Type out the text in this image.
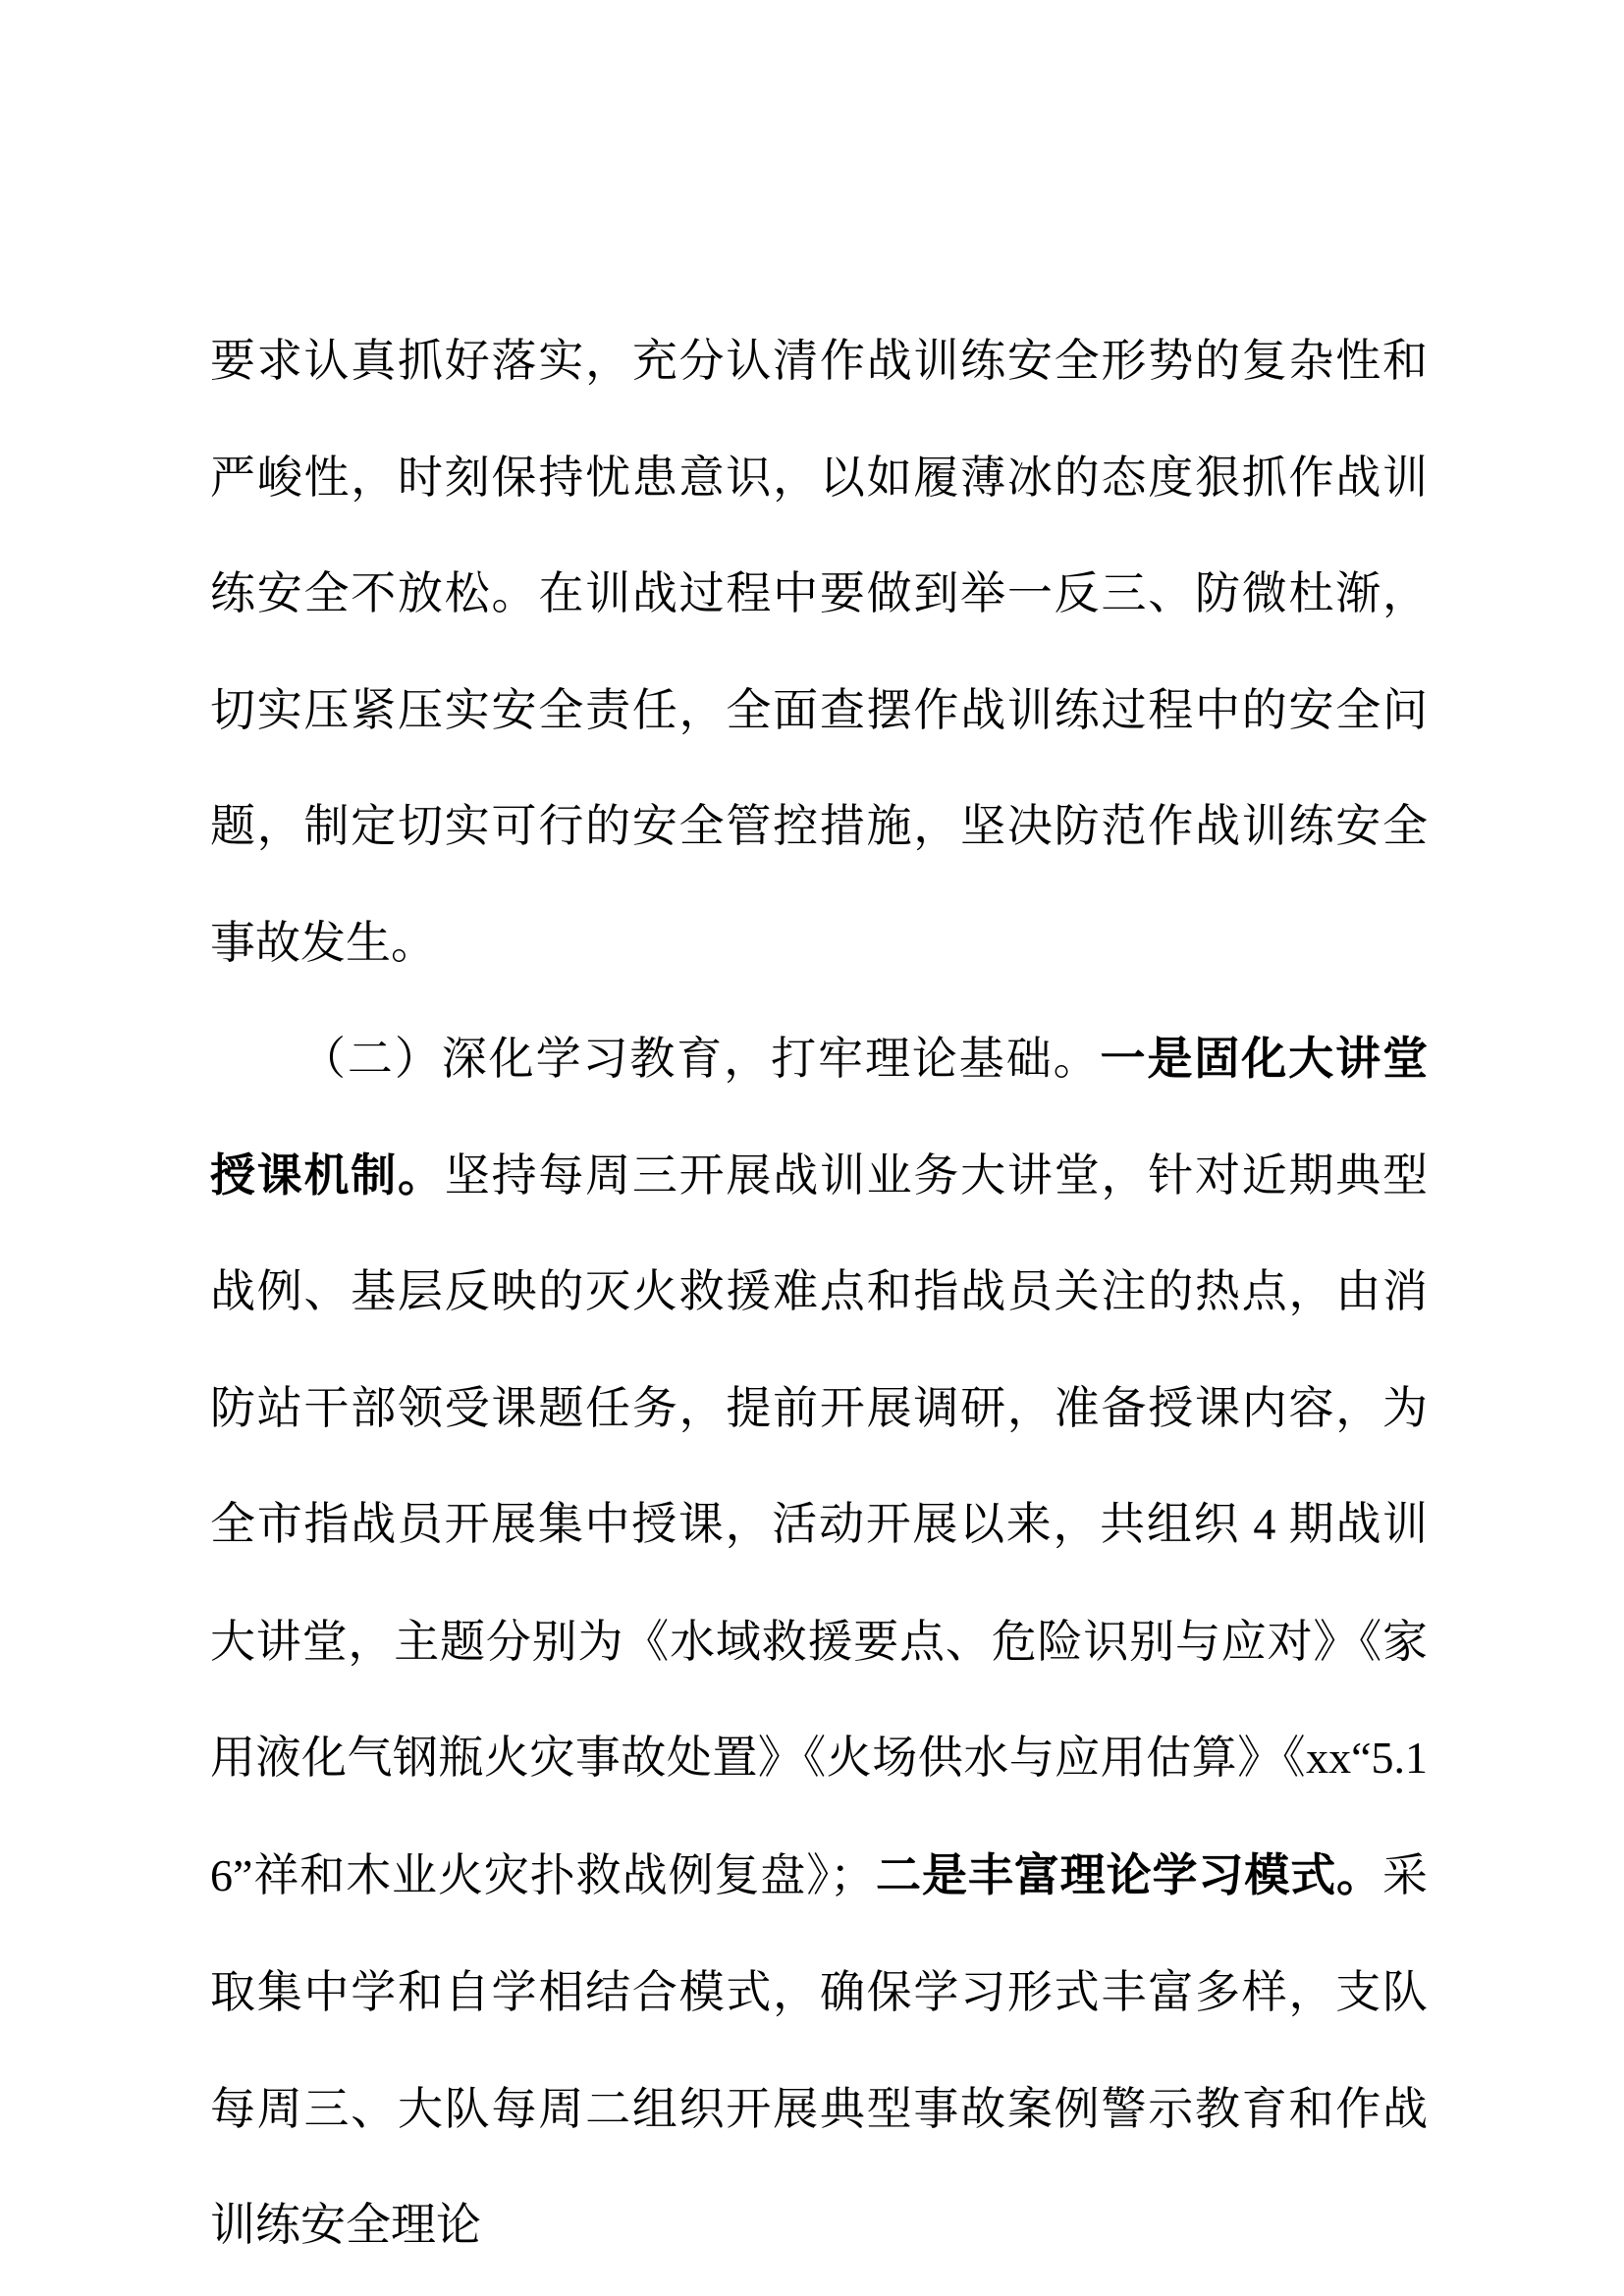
要求认真抓好落实，充分认清作战训练安全形势的复杂性和严峻性，时刻保持忧患意识，以如履薄冰的态度狠抓作战训练安全不放松。在训战过程中要做到举一反三、防微杜渐，切实压紧压实安全责任，全面查摆作战训练过程中的安全问题，制定切实可行的安全管控措施，坚决防范作战训练安全事故发生。

（二）深化学习教育，打牢理论基础。一是固化大讲堂授课机制。坚持每周三开展战训业务大讲堂，针对近期典型战例、基层反映的灭火救援难点和指战员关注的热点，由消防站干部领受课题任务，提前开展调研，准备授课内容，为全市指战员开展集中授课，活动开展以来，共组织 4 期战训大讲堂，主题分别为《水域救援要点、危险识别与应对》《家用液化气钢瓶火灾事故处置》《火场供水与应用估算》《xx“5.16”祥和木业火灾扑救战例复盘》；二是丰富理论学习模式。采取集中学和自学相结合模式，确保学习形式丰富多样，支队每周三、大队每周二组织开展典型事故案例警示教育和作战训练安全理论
